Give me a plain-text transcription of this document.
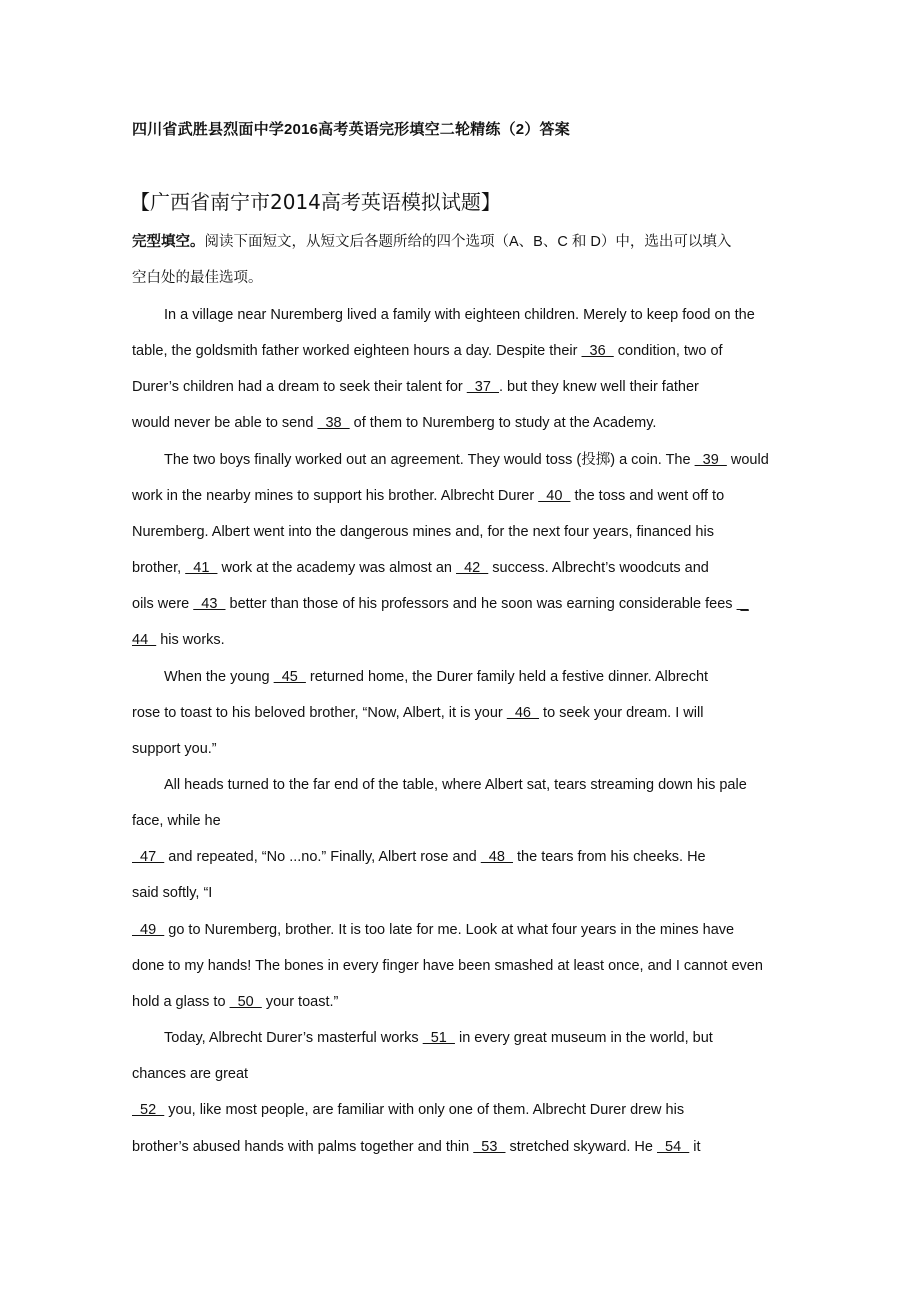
四川省武胜县烈面中学2016高考英语完形填空二轮精练（2）答案
【广西省南宁市2014高考英语模拟试题】
完型填空。阅读下面短文，从短文后各题所给的四个选项（A、B、C 和 D）中，选出可以填入
空白处的最佳选项。
In a village near Nuremberg lived a family with eighteen children. Merely to keep food on the
table, the goldsmith father worked eighteen hours a day. Despite their   36   condition, two of
Durer’s children had a dream to seek their talent for   37  . but they knew well their father
would never be able to send   38   of them to Nuremberg to study at the Academy.
The two boys finally worked out an agreement. They would toss (投掷) a coin. The   39   would
work in the nearby mines to support his brother. Albrecht Durer   40   the toss and went off to
Nuremberg. Albert went into the dangerous mines and, for the next four years, financed his
brother,   41   work at the academy was almost an   42   success. Albrecht’s woodcuts and
oils were   43   better than those of his professors and he soon was earning considerable fees  _
44   his works.
When the young   45   returned home, the Durer family held a festive dinner. Albrecht
rose to toast to his beloved brother, “Now, Albert, it is your   46   to seek your dream. I will
support you.”
All heads turned to the far end of the table, where Albert sat, tears streaming down his pale
face, while he
47   and repeated, “No ...no.” Finally, Albert rose and   48   the tears from his cheeks. He
said softly, “I
49   go to Nuremberg, brother. It is too late for me. Look at what four years in the mines have
done to my hands! The bones in every finger have been smashed at least once, and I cannot even
hold a glass to   50   your toast.”
Today, Albrecht Durer’s masterful works   51   in every great museum in the world, but
chances are great
52   you, like most people, are familiar with only one of them. Albrecht Durer drew his
brother’s abused hands with palms together and thin   53   stretched skyward. He   54   it
